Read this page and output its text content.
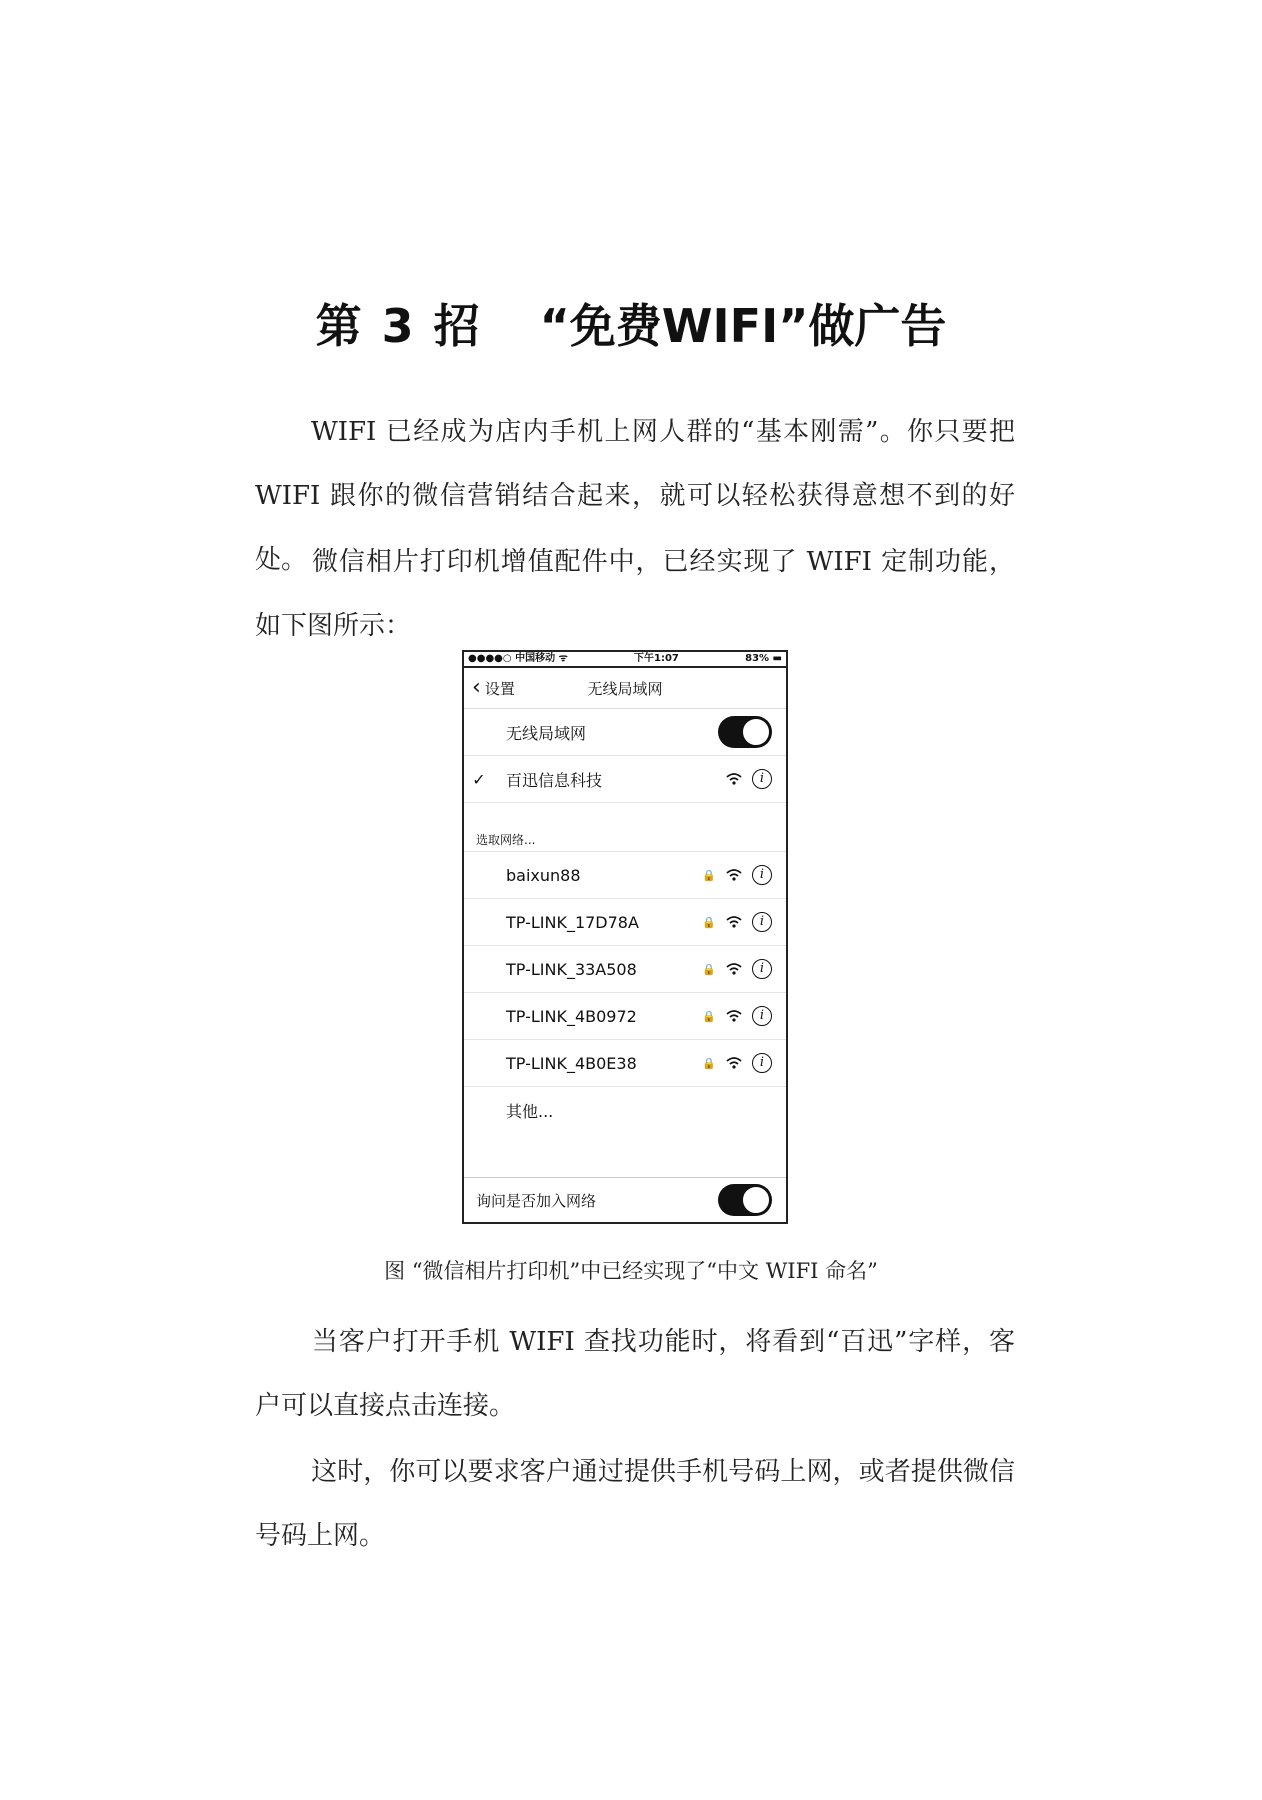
第 3 招 “免费WIFI”做广告
WIFI 已经成为店内手机上网人群的“基本刚需”。你只要把WIFI 跟你的微信营销结合起来，就可以轻松获得意想不到的好处。 微信相片打印机增值配件中，已经实现了 WIFI 定制功能，如下图所示：
●●●●○ 中国移动 ᯤ	下午1:07	83% ▬
‹ 设置	无线局域网
无线局域网
✓	百迅信息科技	i
选取网络...
baixun88	🔒	i
TP-LINK_17D78A	🔒	i
TP-LINK_33A508	🔒	i
TP-LINK_4B0972	🔒	i
TP-LINK_4B0E38	🔒	i
其他...
询问是否加入网络
图 “微信相片打印机”中已经实现了“中文 WIFI 命名”
当客户打开手机 WIFI 查找功能时，将看到“百迅”字样，客户可以直接点击连接。
这时，你可以要求客户通过提供手机号码上网，或者提供微信号码上网。
